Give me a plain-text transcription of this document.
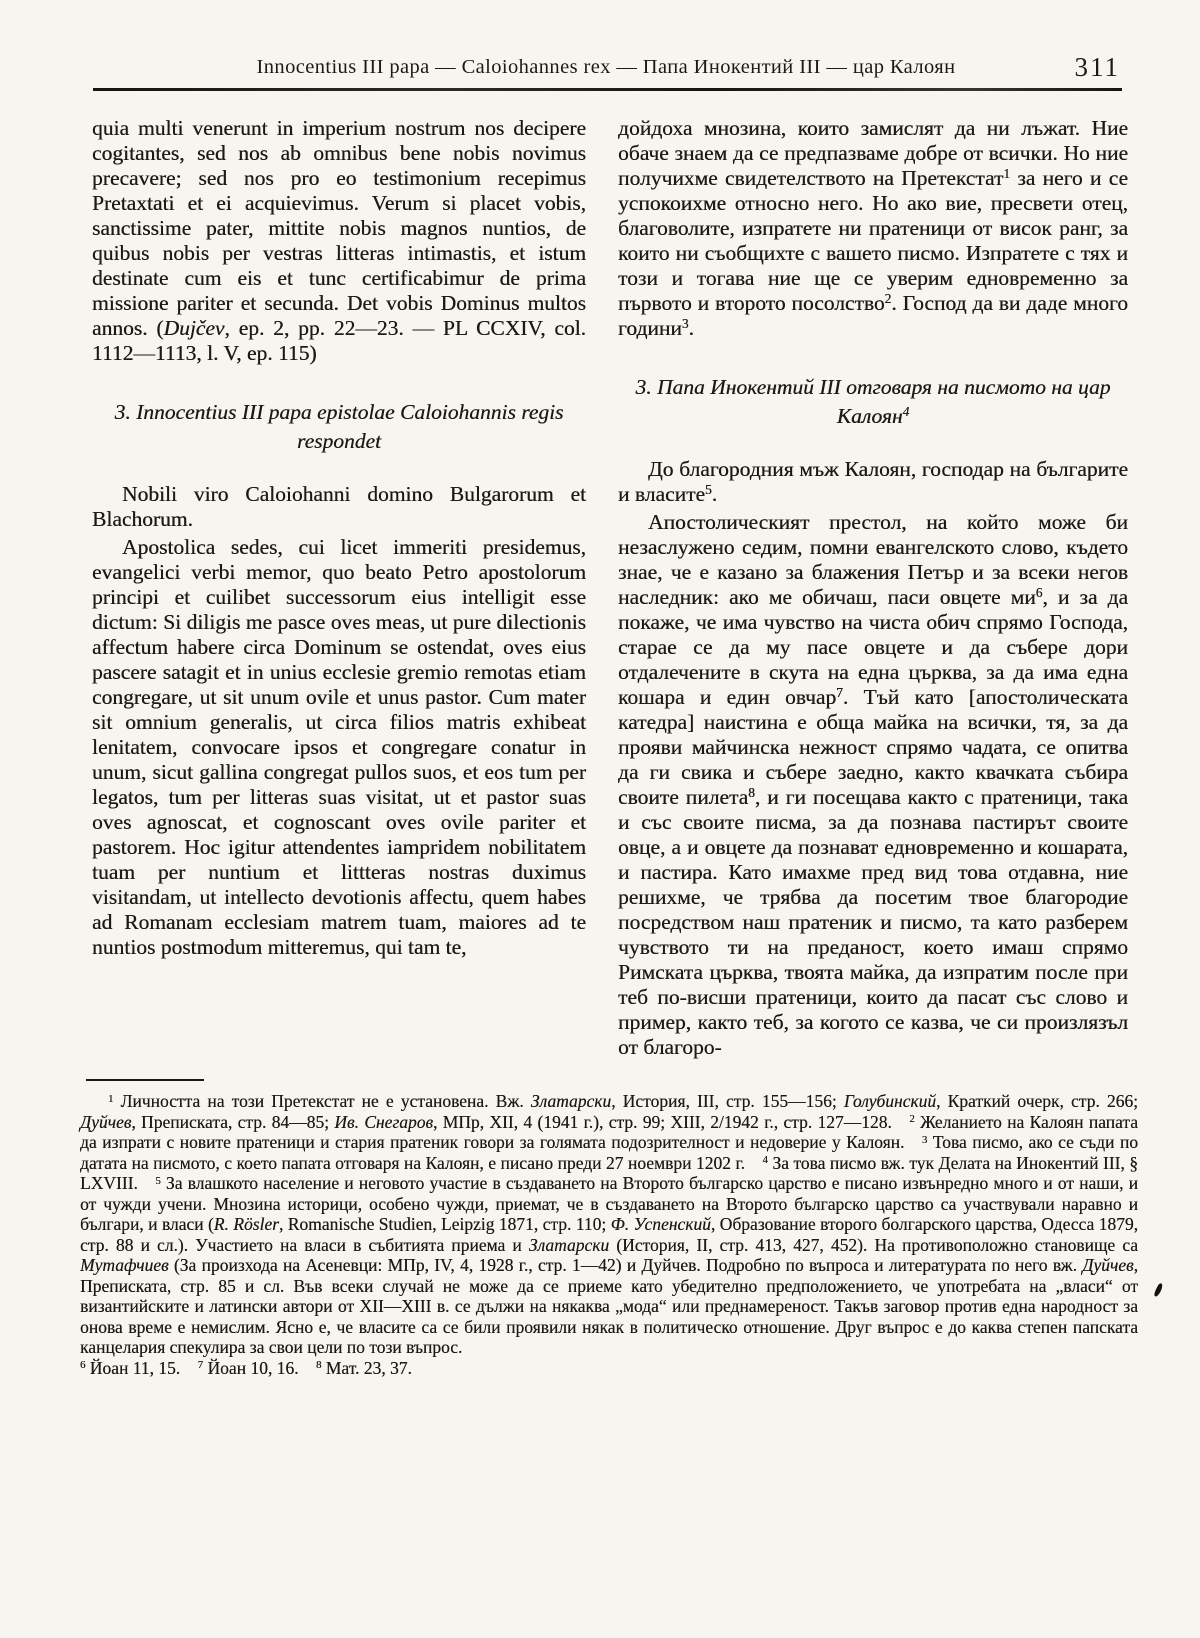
Innocentius III papa — Caloiohannes rex — Папа Инокентий III — цар Калоян	311
quia multi venerunt in imperium nostrum nos decipere cogitantes, sed nos ab omnibus bene nobis novimus precavere; sed nos pro eo testimonium recepimus Pretaxtati et ei acquievimus. Verum si placet vobis, sanctissime pater, mittite nobis magnos nuntios, de quibus nobis per vestras litteras intimastis, et istum destinate cum eis et tunc certificabimur de prima missione pariter et secunda. Det vobis Dominus multos annos. (Dujčev, ep. 2, pp. 22—23. — PL CCXIV, col. 1112—1113, l. V, ep. 115)
3. Innocentius III papa epistolae Caloiohannis regis respondet
Nobili viro Caloiohanni domino Bulgarorum et Blachorum.
Apostolica sedes, cui licet immeriti presidemus, evangelici verbi memor, quo beato Petro apostolorum principi et cuilibet successorum eius intelligit esse dictum: Si diligis me pasce oves meas, ut pure dilectionis affectum habere circa Dominum se ostendat, oves eius pascere satagit et in unius ecclesie gremio remotas etiam congregare, ut sit unum ovile et unus pastor. Cum mater sit omnium generalis, ut circa filios matris exhibeat lenitatem, convocare ipsos et congregare conatur in unum, sicut gallina congregat pullos suos, et eos tum per legatos, tum per litteras suas visitat, ut et pastor suas oves agnoscat, et cognoscant oves ovile pariter et pastorem. Hoc igitur attendentes iampridem nobilitatem tuam per nuntium et littteras nostras duximus visitandam, ut intellecto devotionis affectu, quem habes ad Romanam ecclesiam matrem tuam, maiores ad te nuntios postmodum mitteremus, qui tam te,
дойдоха мнозина, които замислят да ни лъжат. Ние обаче знаем да се предпазваме добре от всички. Но ние получихме свидетелството на Претекстат$^1$ за него и се успокоихме относно него. Но ако вие, пресвети отец, благоволите, изпратете ни пратеници от висок ранг, за които ни съобщихте с вашето писмо. Изпратете с тях и този и тогава ние ще се уверим едновременно за първото и второто посолство$^2$. Господ да ви даде много години$^3$.
3. Папа Инокентий III отговаря на писмото на цар Калоян$^4$
До благородния мъж Калоян, господар на българите и власите$^5$.
Апостолическият престол, на който може би незаслужено седим, помни евангелското слово, където знае, че е казано за блажения Петър и за всеки негов наследник: ако ме обичаш, паси овцете $ми^6$, и за да покаже, че има чувство на чиста обич спрямо Господа, старае се да му пасе овцете и да събере дори отдалечените в скута на една църква, за да има една кошара и един овчар$^7$. Тъй като [апостолическата катедра] наистина е обща майка на всички, тя, за да прояви майчинска нежност спрямо чадата, се опитва да ги свика и събере заедно, както квачката събира своите пилета$^8$, и ги посещава както с пратеници, така и със своите писма, за да познава пастирът своите овце, а и овцете да познават едновременно и кошарата, и пастира. Като имахме пред вид това отдавна, ние решихме, че трябва да посетим твое благородие посредством наш пратеник и писмо, та като разберем чувството ти на преданост, което имаш спрямо Римската църква, твоята майка, да изпратим после при теб по-висши пратеници, които да пасат със слово и пример, както теб, за когото се казва, че си произлязъл от благоро-
$^1$ Личността на този Претекстат не е установена. Вж. Златарски, История, III, стр. 155—156; Голубинский, Краткий очерк, стр. 266; Дуйчев, Преписката, стр. 84—85; Ив. Снегаров, МПр, XII, 4 (1941 г.), стр. 99; XIII, 2/1942 г., стр. 127—128.  $^2$ Желанието на Калоян папата да изпрати с новите пратеници и стария пратеник говори за голямата подозрителност и недоверие у Калоян.  $^3$ Това писмо, ако се съди по датата на писмото, с което папата отговаря на Калоян, е писано преди 27 ноември 1202 г.  $^4$ За това писмо вж. тук Делата на Инокентий III, § LXVIII.  $^5$ За влашкото население и неговото участие в създаването на Второто българско царство е писано извънредно много и от наши, и от чужди учени. Мнозина историци, особено чужди, приемат, че в създаването на Второто българско царство са участвували наравно и българи, и власи (R. Rösler, Romanische Studien, Leipzig 1871, стр. 110; Ф. Успенский, Образование второго болгарского царства, Одесса 1879, стр. 88 и сл.). Участието на власи в събитията приема и Златарски (История, II, стр. 413, 427, 452). На противоположно становище са Мутафчиев (За произхода на Асеневци: МПр, IV, 4, 1928 г., стр. 1—42) и Дуйчев. Подробно по въпроса и литературата по него вж. Дуйчев, Преписката, стр. 85 и сл. Във всеки случай не може да се приеме като убедително предположението, че употребата на „власи“ от византийските и латински автори от XII—XIII в. се дължи на някаква „мода“ или преднамереност. Такъв заговор против една народност за онова време е немислим. Ясно е, че власите са се били проявили някак в политическо отношение. Друг въпрос е до каква степен папската канцелария спекулира за свои цели по този въпрос.
$^6$ Йоан 11, 15.  $^7$ Йоан 10, 16.  $^8$ Мат. 23, 37.
